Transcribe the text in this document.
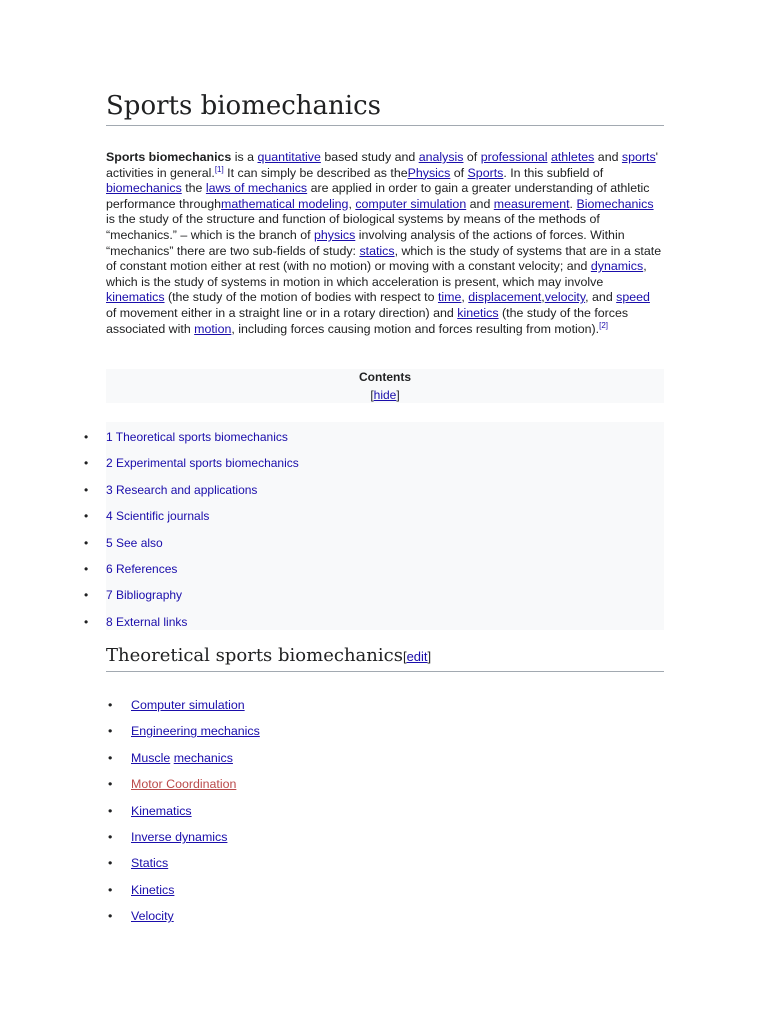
Sports biomechanics

Sports biomechanics is a quantitative based study and analysis of professional athletes and sports' activities in general.[1] It can simply be described as thePhysics of Sports. In this subfield of biomechanics the laws of mechanics are applied in order to gain a greater understanding of athletic performance throughmathematical modeling, computer simulation and measurement. Biomechanics is the study of the structure and function of biological systems by means of the methods of “mechanics.” – which is the branch of physics involving analysis of the actions of forces. Within “mechanics” there are two sub-fields of study: statics, which is the study of systems that are in a state of constant motion either at rest (with no motion) or moving with a constant velocity; and dynamics, which is the study of systems in motion in which acceleration is present, which may involve kinematics (the study of the motion of bodies with respect to time, displacement,velocity, and speed of movement either in a straight line or in a rotary direction) and kinetics (the study of the forces associated with motion, including forces causing motion and forces resulting from motion).[2]

Contents
[hide]
• 1 Theoretical sports biomechanics
• 2 Experimental sports biomechanics
• 3 Research and applications
• 4 Scientific journals
• 5 See also
• 6 References
• 7 Bibliography
• 8 External links
Theoretical sports biomechanics[edit]
• Computer simulation
• Engineering mechanics
• Muscle mechanics
• Motor Coordination
• Kinematics
• Inverse dynamics
• Statics
• Kinetics
• Velocity
